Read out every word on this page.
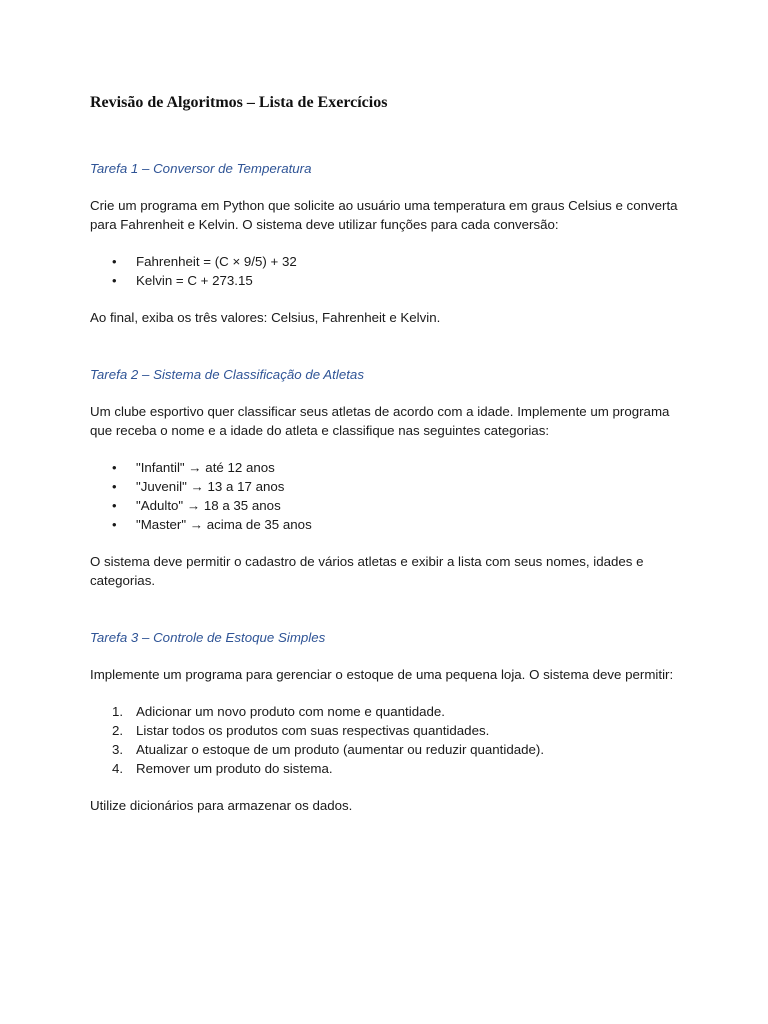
Revisão de Algoritmos – Lista de Exercícios
Tarefa 1 – Conversor de Temperatura

Crie um programa em Python que solicite ao usuário uma temperatura em graus Celsius e converta para Fahrenheit e Kelvin. O sistema deve utilizar funções para cada conversão:

• Fahrenheit = (C × 9/5) + 32
• Kelvin = C + 273.15

Ao final, exiba os três valores: Celsius, Fahrenheit e Kelvin.

Tarefa 2 – Sistema de Classificação de Atletas

Um clube esportivo quer classificar seus atletas de acordo com a idade. Implemente um programa que receba o nome e a idade do atleta e classifique nas seguintes categorias:

• "Infantil" → até 12 anos
• "Juvenil" → 13 a 17 anos
• "Adulto" → 18 a 35 anos
• "Master" → acima de 35 anos

O sistema deve permitir o cadastro de vários atletas e exibir a lista com seus nomes, idades e categorias.

Tarefa 3 – Controle de Estoque Simples

Implemente um programa para gerenciar o estoque de uma pequena loja. O sistema deve permitir:

1. Adicionar um novo produto com nome e quantidade.
2. Listar todos os produtos com suas respectivas quantidades.
3. Atualizar o estoque de um produto (aumentar ou reduzir quantidade).
4. Remover um produto do sistema.

Utilize dicionários para armazenar os dados.
